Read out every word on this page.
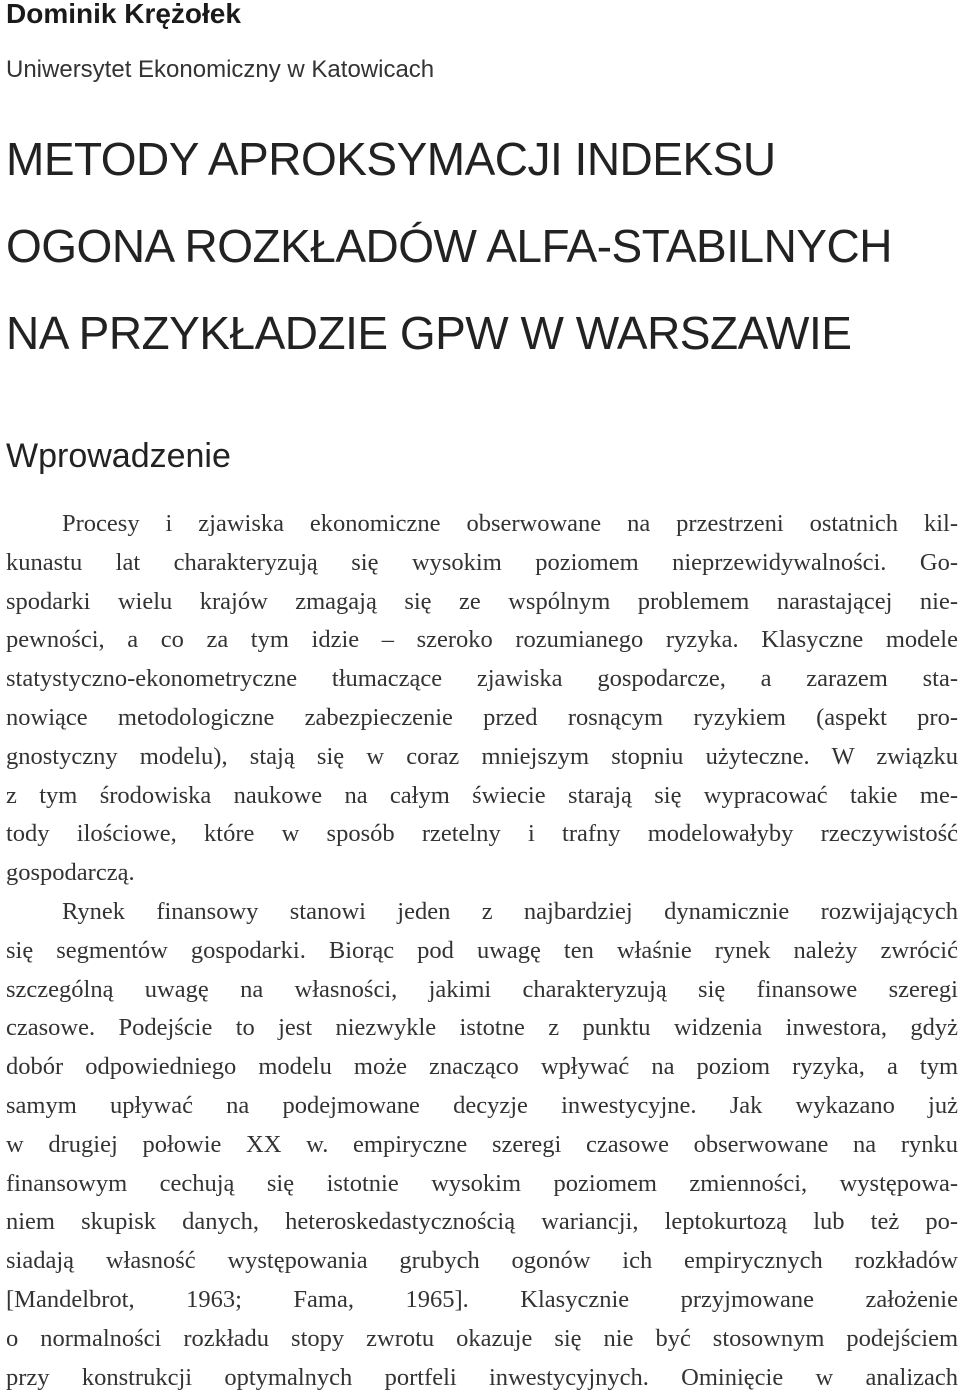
Dominik Krężołek
Uniwersytet Ekonomiczny w Katowicach
METODY APROKSYMACJI INDEKSU
OGONA ROZKŁADÓW ALFA-STABILNYCH
NA PRZYKŁADZIE GPW W WARSZAWIE
Wprowadzenie
Procesy i zjawiska ekonomiczne obserwowane na przestrzeni ostatnich kil-
kunastu lat charakteryzują się wysokim poziomem nieprzewidywalności. Go-
spodarki wielu krajów zmagają się ze wspólnym problemem narastającej nie-
pewności, a co za tym idzie – szeroko rozumianego ryzyka. Klasyczne modele
statystyczno-ekonometryczne tłumaczące zjawiska gospodarcze, a zarazem sta-
nowiące metodologiczne zabezpieczenie przed rosnącym ryzykiem (aspekt pro-
gnostyczny modelu), stają się w coraz mniejszym stopniu użyteczne. W związku
z tym środowiska naukowe na całym świecie starają się wypracować takie me-
tody ilościowe, które w sposób rzetelny i trafny modelowałyby rzeczywistość
gospodarczą.
Rynek finansowy stanowi jeden z najbardziej dynamicznie rozwijających
się segmentów gospodarki. Biorąc pod uwagę ten właśnie rynek należy zwrócić
szczególną uwagę na własności, jakimi charakteryzują się finansowe szeregi
czasowe. Podejście to jest niezwykle istotne z punktu widzenia inwestora, gdyż
dobór odpowiedniego modelu może znacząco wpływać na poziom ryzyka, a tym
samym upływać na podejmowane decyzje inwestycyjne. Jak wykazano już
w drugiej połowie XX w. empiryczne szeregi czasowe obserwowane na rynku
finansowym cechują się istotnie wysokim poziomem zmienności, występowa-
niem skupisk danych, heteroskedastycznością wariancji, leptokurtozą lub też po-
siadają własność występowania grubych ogonów ich empirycznych rozkładów
[Mandelbrot, 1963; Fama, 1965]. Klasycznie przyjmowane założenie
o normalności rozkładu stopy zwrotu okazuje się nie być stosownym podejściem
przy konstrukcji optymalnych portfeli inwestycyjnych. Ominięcie w analizach
